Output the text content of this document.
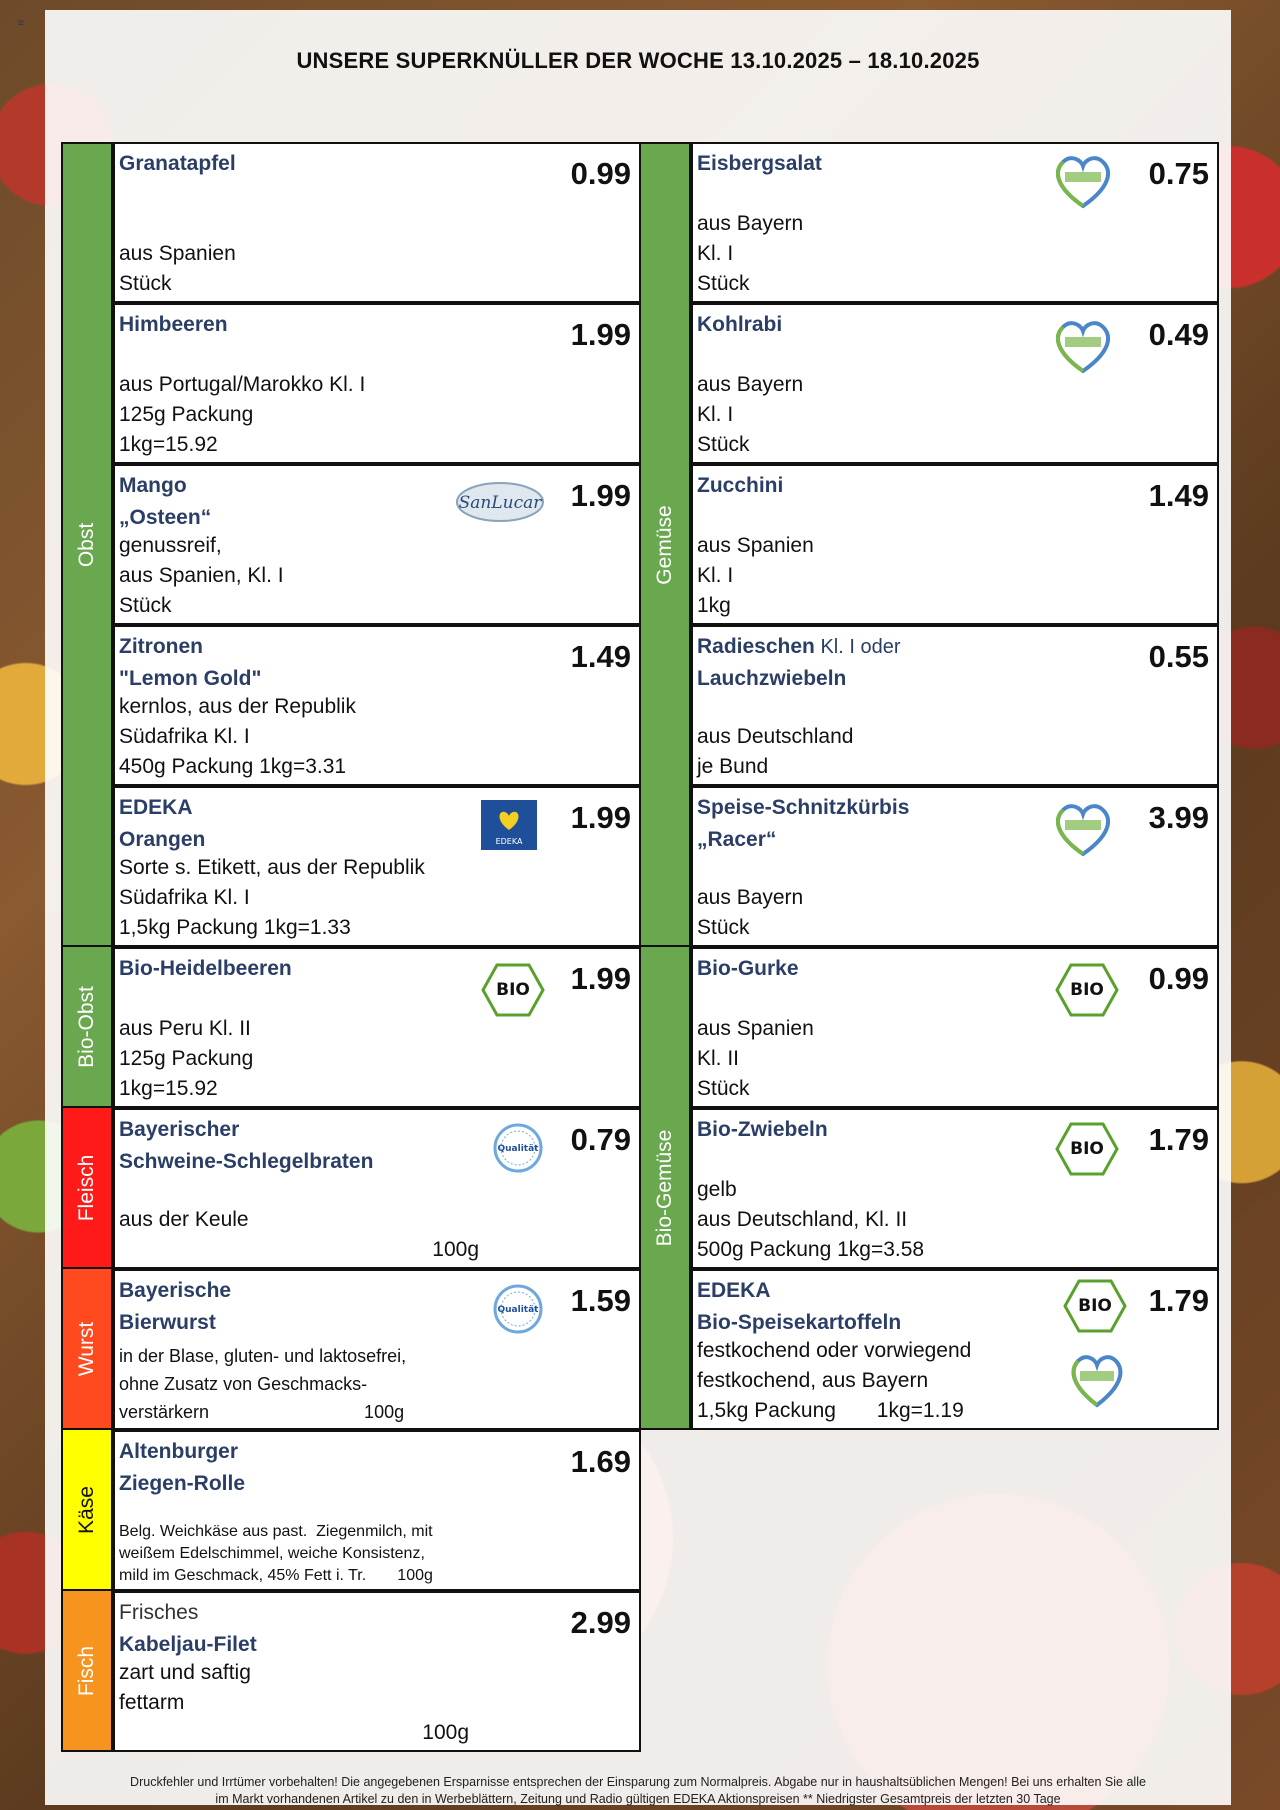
≡
UNSERE SUPERKNÜLLER DER WOCHE 13.10.2025 – 18.10.2025
Obst
Bio-Obst
Fleisch
Wurst
Käse
Fisch
Granatapfel	0.99
aus Spanien
Stück
Himbeeren	1.99
aus Portugal/Marokko Kl. I
125g Packung
1kg=15.92
Mango
„Osteen“
SanLucar 1.99
genussreif,
aus Spanien, Kl. I
Stück
Zitronen
"Lemon Gold"
1.49
kernlos, aus der Republik
Südafrika Kl. I
450g Packung 1kg=3.31
EDEKA
Orangen	EDEKA
1.99
Sorte s. Etikett, aus der Republik
Südafrika Kl. I
1,5kg Packung 1kg=1.33
Bio-Heidelbeeren
BIO 1.99
aus Peru Kl. II
125g Packung
1kg=15.92
Bayerischer
Schweine-Schlegelbraten
Qualität 0.79
aus der Keule
100g
Bayerische
Bierwurst
Qualität 1.59
in der Blase, gluten- und laktosefrei,
ohne Zusatz von Geschmacks-
verstärkern                               100g
Altenburger
Ziegen-Rolle
1.69
Belg. Weichkäse aus past.  Ziegenmilch, mit
weißem Edelschimmel, weiche Konsistenz,
mild im Geschmack, 45% Fett i. Tr.       100g
Frisches
Kabeljau-Filet
2.99
zart und saftig
fettarm
100g
Gemüse
Bio-Gemüse
Eisbergsalat	0.75
aus Bayern
Kl. I
Stück
Kohlrabi	0.49
aus Bayern
Kl. I
Stück
Zucchini	1.49
aus Spanien
Kl. I
1kg
Radieschen Kl. I oder
Lauchzwiebeln
0.55
aus Deutschland
je Bund
Speise-Schnitzkürbis
„Racer“
3.99
aus Bayern
Stück
Bio-Gurke
BIO 0.99
aus Spanien
Kl. II
Stück
Bio-Zwiebeln
BIO 1.79
gelb
aus Deutschland, Kl. II
500g Packung 1kg=3.58
EDEKA
Bio-Speisekartoffeln
BIO 1.79
festkochend oder vorwiegend
festkochend, aus Bayern
1,5kg Packung       1kg=1.19
Druckfehler und Irrtümer vorbehalten! Die angegebenen Ersparnisse entsprechen der Einsparung zum Normalpreis. Abgabe nur in haushaltsüblichen Mengen! Bei uns erhalten Sie alle
im Markt vorhandenen Artikel zu den in Werbeblättern, Zeitung und Radio gültigen EDEKA Aktionspreisen ** Niedrigster Gesamtpreis der letzten 30 Tage
